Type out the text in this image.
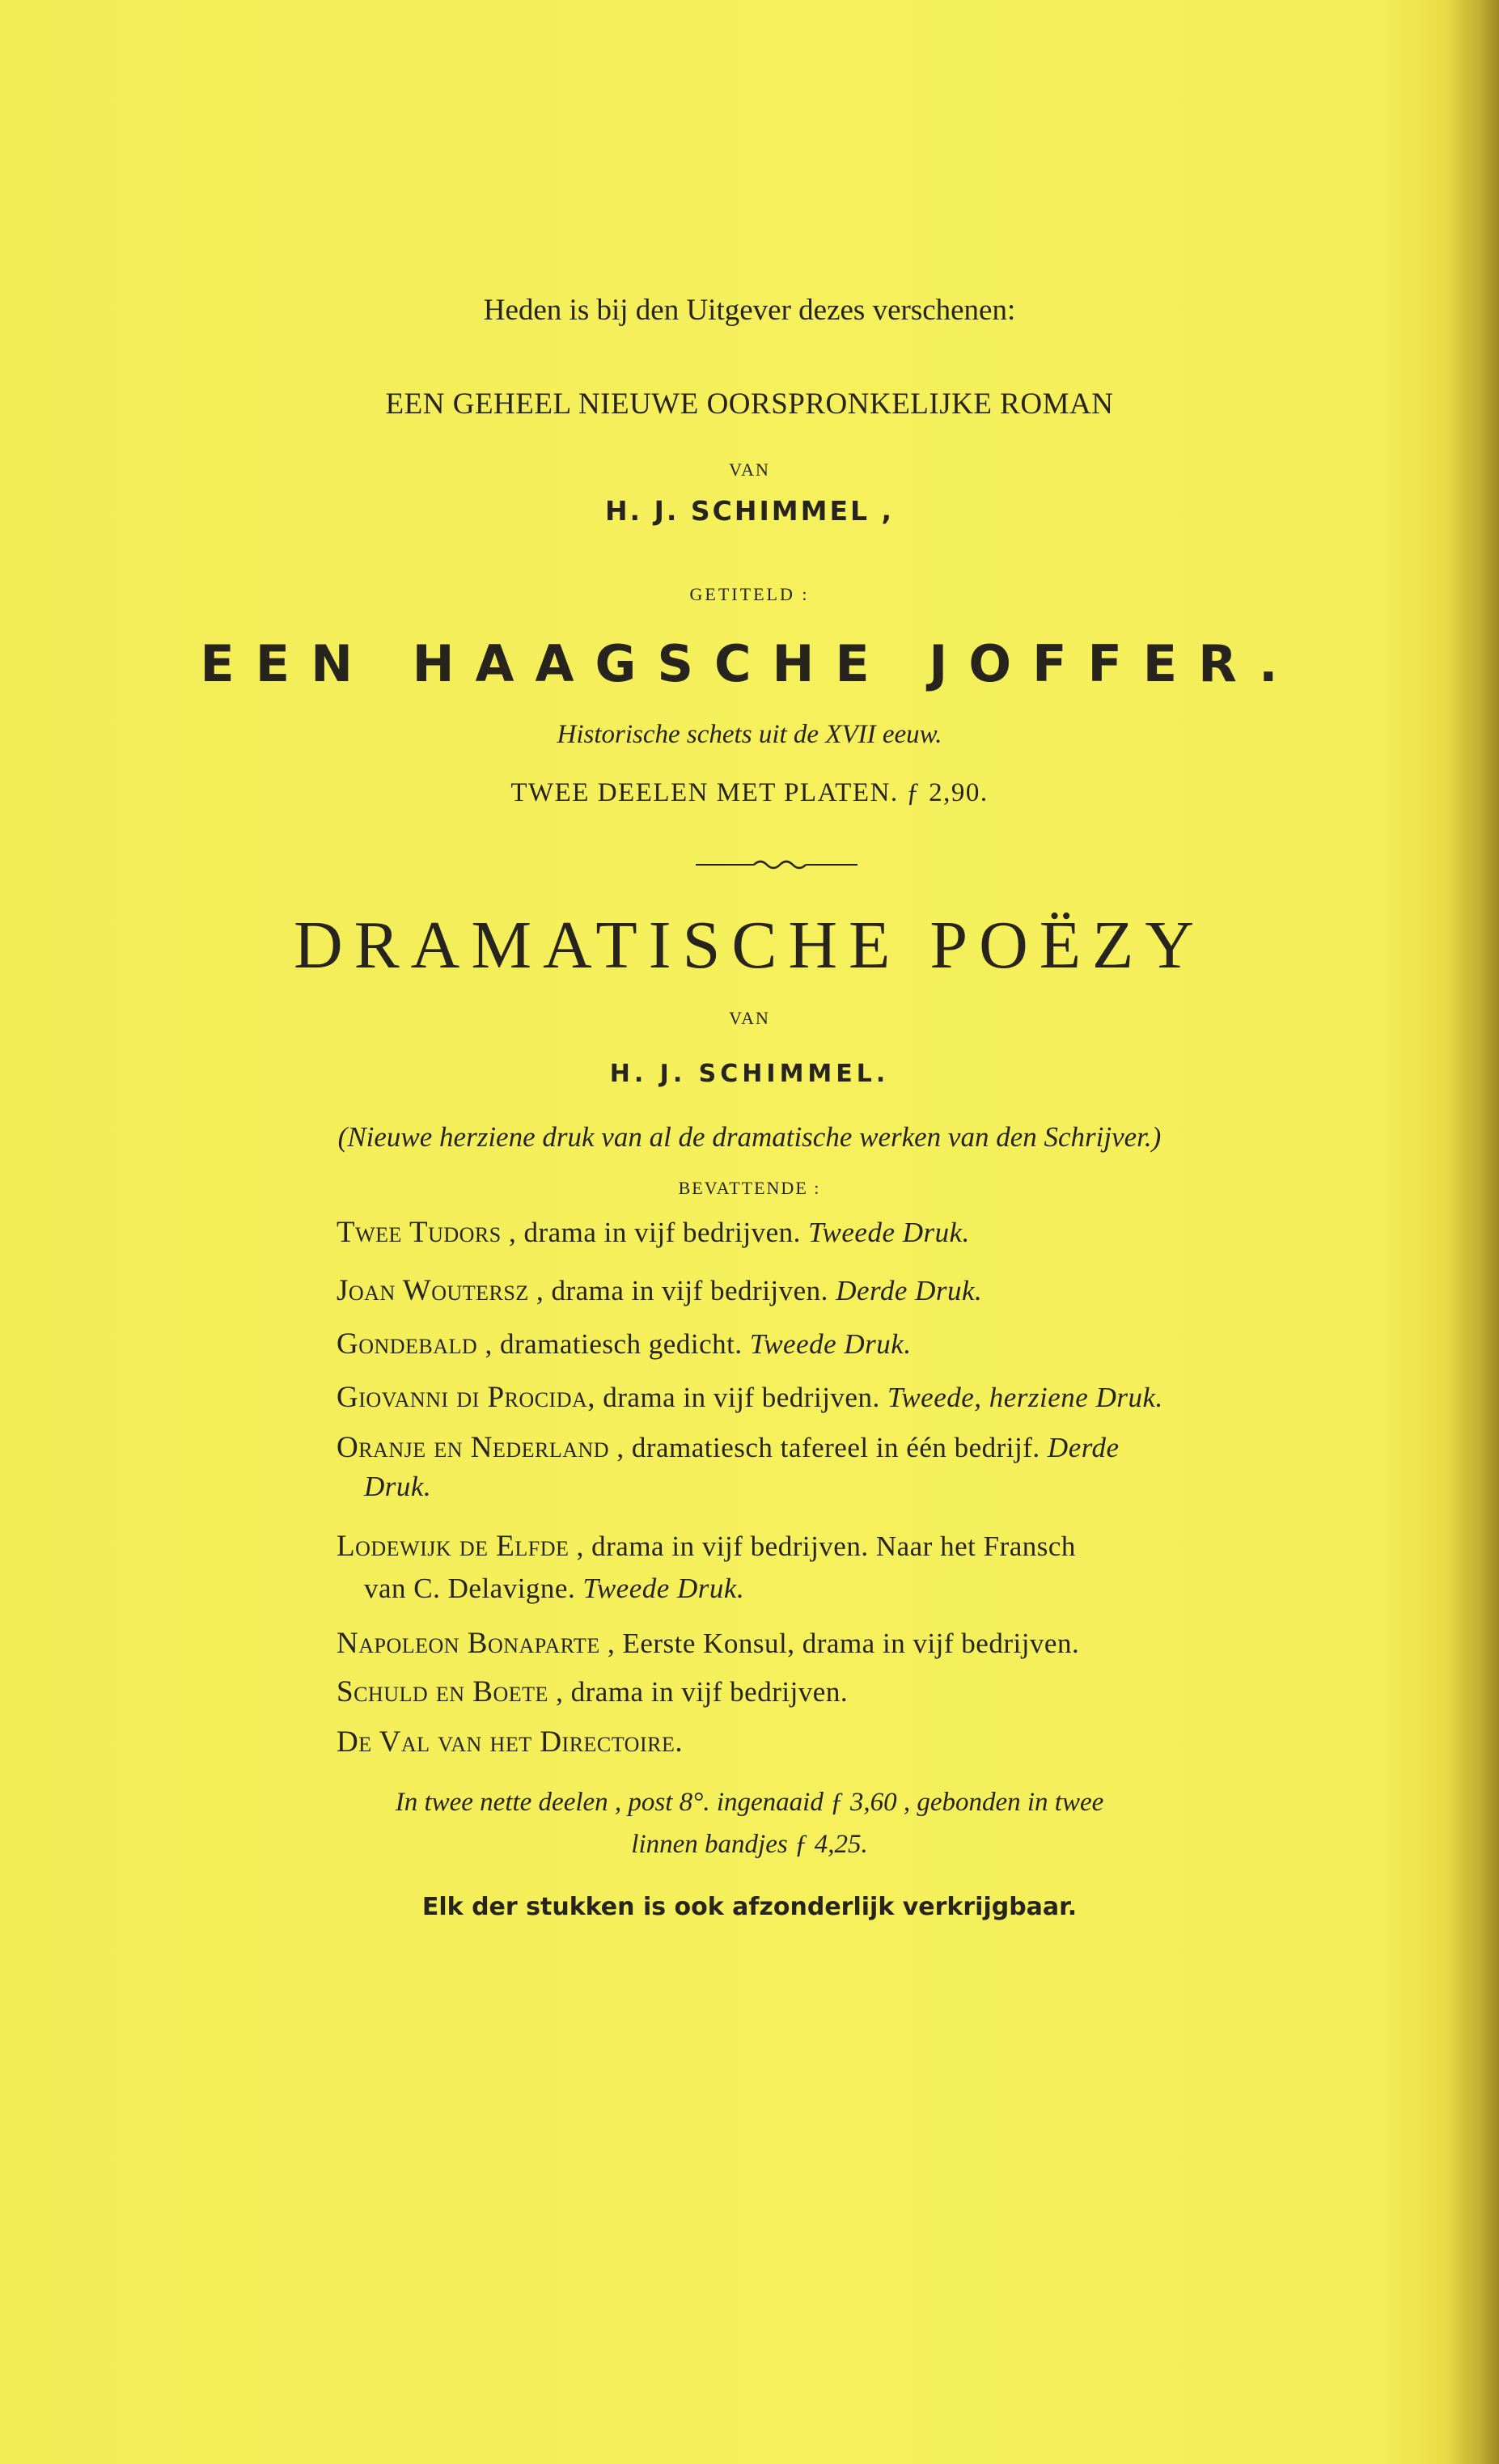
Heden is bij den Uitgever dezes verschenen:
EEN GEHEEL NIEUWE OORSPRONKELIJKE ROMAN
VAN
H. J. SCHIMMEL ,
GETITELD :
EEN HAAGSCHE JOFFER.
Historische schets uit de XVII eeuw.
TWEE DEELEN MET PLATEN. ƒ 2,90.
DRAMATISCHE POËZY
VAN
H. J. SCHIMMEL.
(Nieuwe herziene druk van al de dramatische werken van den Schrijver.)
BEVATTENDE :
Twee Tudors , drama in vijf bedrijven. Tweede Druk.
Joan Woutersz , drama in vijf bedrijven. Derde Druk.
Gondebald , dramatiesch gedicht. Tweede Druk.
Giovanni di Procida, drama in vijf bedrijven. Tweede, herziene Druk.
Oranje en Nederland , dramatiesch tafereel in één bedrijf. Derde
Druk.
Lodewijk de Elfde , drama in vijf bedrijven. Naar het Fransch
van C. Delavigne. Tweede Druk.
Napoleon Bonaparte , Eerste Konsul, drama in vijf bedrijven.
Schuld en Boete , drama in vijf bedrijven.
De Val van het Directoire.
In twee nette deelen , post 8°. ingenaaid ƒ 3,60 , gebonden in twee
linnen bandjes ƒ 4,25.
Elk der stukken is ook afzonderlijk verkrijgbaar.
